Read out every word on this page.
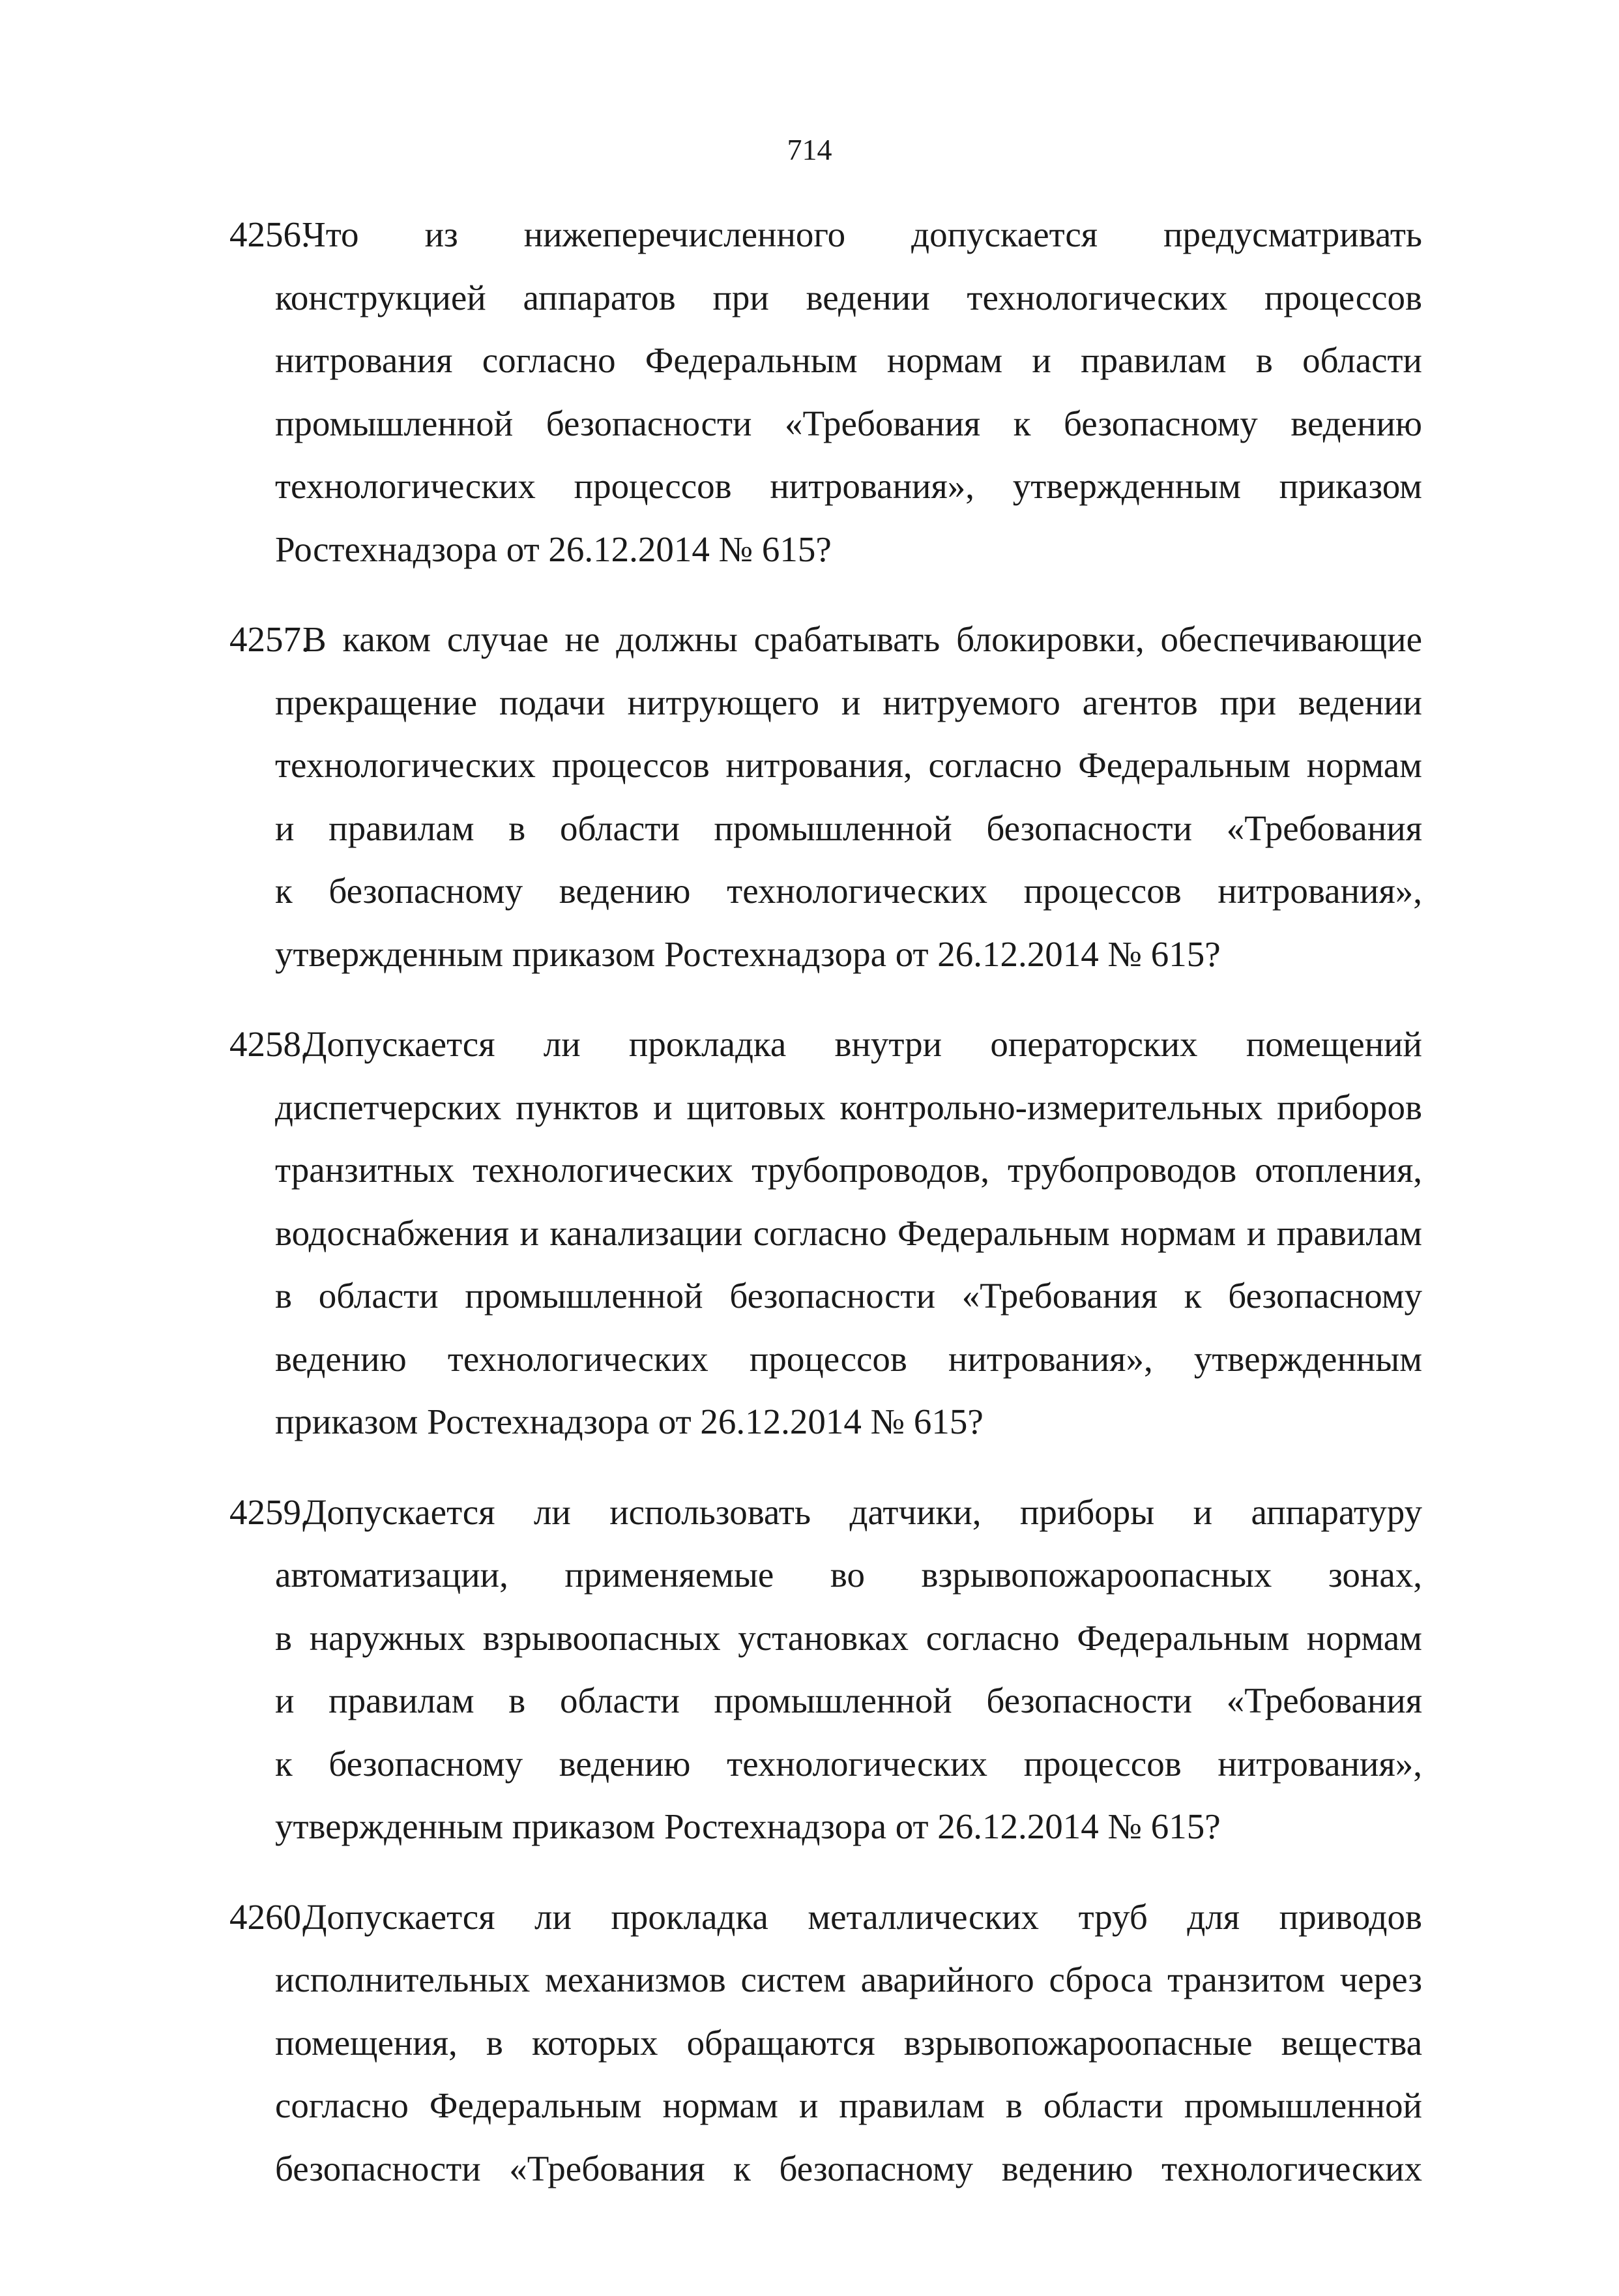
714
4256.
Что из нижеперечисленного допускается предусматривать
конструкцией аппаратов при ведении технологических процессов
нитрования согласно Федеральным нормам и правилам в области
промышленной безопасности «Требования к безопасному ведению
технологических процессов нитрования», утвержденным приказом
Ростехнадзора от 26.12.2014 № 615?
4257.
В каком случае не должны срабатывать блокировки, обеспечивающие
прекращение подачи нитрующего и нитруемого агентов при ведении
технологических процессов нитрования, согласно Федеральным нормам
и правилам в области промышленной безопасности «Требования
к безопасному ведению технологических процессов нитрования»,
утвержденным приказом Ростехнадзора от 26.12.2014 № 615?
4258.
Допускается ли прокладка внутри операторских помещений
диспетчерских пунктов и щитовых контрольно-измерительных приборов
транзитных технологических трубопроводов, трубопроводов отопления,
водоснабжения и канализации согласно Федеральным нормам и правилам
в области промышленной безопасности «Требования к безопасному
ведению технологических процессов нитрования», утвержденным
приказом Ростехнадзора от 26.12.2014 № 615?
4259.
Допускается ли использовать датчики, приборы и аппаратуру
автоматизации, применяемые во взрывопожароопасных зонах,
в наружных взрывоопасных установках согласно Федеральным нормам
и правилам в области промышленной безопасности «Требования
к безопасному ведению технологических процессов нитрования»,
утвержденным приказом Ростехнадзора от 26.12.2014 № 615?
4260.
Допускается ли прокладка металлических труб для приводов
исполнительных механизмов систем аварийного сброса транзитом через
помещения, в которых обращаются взрывопожароопасные вещества
согласно Федеральным нормам и правилам в области промышленной
безопасности «Требования к безопасному ведению технологических
